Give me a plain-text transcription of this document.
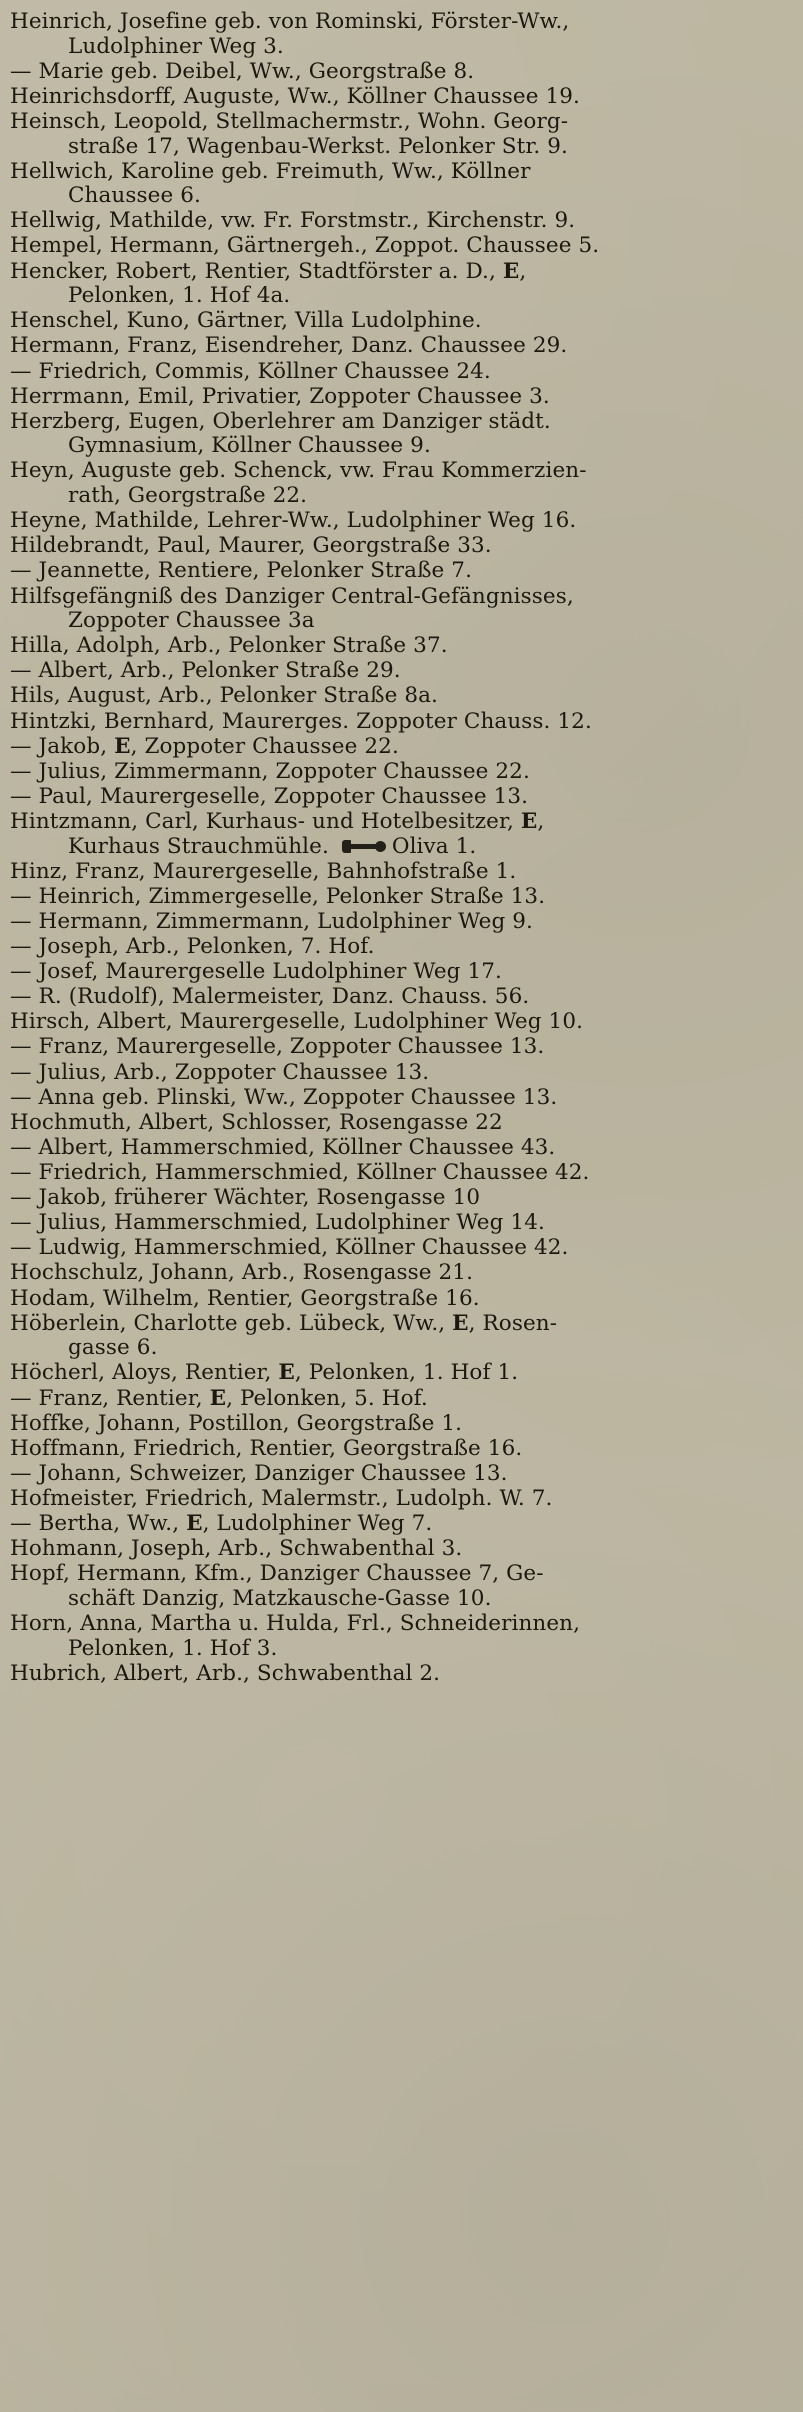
Heinrich, Josefine geb. von Rominski, Förster-Ww.,
Ludolphiner Weg 3.

— Marie geb. Deibel, Ww., Georgstraße 8.

Heinrichsdorff, Auguste, Ww., Köllner Chaussee 19.

Heinsch, Leopold, Stellmachermstr., Wohn. Georg-
straße 17, Wagenbau-Werkst. Pelonker Str. 9.

Hellwich, Karoline geb. Freimuth, Ww., Köllner
Chaussee 6.

Hellwig, Mathilde, vw. Fr. Forstmstr., Kirchenstr. 9.

Hempel, Hermann, Gärtnergeh., Zoppot. Chaussee 5.

Hencker, Robert, Rentier, Stadtförster a. D., E,
Pelonken, 1. Hof 4a.

Henschel, Kuno, Gärtner, Villa Ludolphine.

Hermann, Franz, Eisendreher, Danz. Chaussee 29.

— Friedrich, Commis, Köllner Chaussee 24.

Herrmann, Emil, Privatier, Zoppoter Chaussee 3.

Herzberg, Eugen, Oberlehrer am Danziger städt.
Gymnasium, Köllner Chaussee 9.

Heyn, Auguste geb. Schenck, vw. Frau Kommerzien-
rath, Georgstraße 22.

Heyne, Mathilde, Lehrer-Ww., Ludolphiner Weg 16.

Hildebrandt, Paul, Maurer, Georgstraße 33.

— Jeannette, Rentiere, Pelonker Straße 7.

Hilfsgefängniß des Danziger Central-Gefängnisses,
Zoppoter Chaussee 3a

Hilla, Adolph, Arb., Pelonker Straße 37.

— Albert, Arb., Pelonker Straße 29.

Hils, August, Arb., Pelonker Straße 8a.

Hintzki, Bernhard, Maurerges. Zoppoter Chauss. 12.

— Jakob, E, Zoppoter Chaussee 22.

— Julius, Zimmermann, Zoppoter Chaussee 22.

— Paul, Maurergeselle, Zoppoter Chaussee 13.

Hintzmann, Carl, Kurhaus- und Hotelbesitzer, E,
Kurhaus Strauchmühle.	Oliva 1.

Hinz, Franz, Maurergeselle, Bahnhofstraße 1.

— Heinrich, Zimmergeselle, Pelonker Straße 13.

— Hermann, Zimmermann, Ludolphiner Weg 9.

— Joseph, Arb., Pelonken, 7. Hof.

— Josef, Maurergeselle Ludolphiner Weg 17.

— R. (Rudolf), Malermeister, Danz. Chauss. 56.

Hirsch, Albert, Maurergeselle, Ludolphiner Weg 10.

— Franz, Maurergeselle, Zoppoter Chaussee 13.

— Julius, Arb., Zoppoter Chaussee 13.

— Anna geb. Plinski, Ww., Zoppoter Chaussee 13.

Hochmuth, Albert, Schlosser, Rosengasse 22

— Albert, Hammerschmied, Köllner Chaussee 43.

— Friedrich, Hammerschmied, Köllner Chaussee 42.

— Jakob, früherer Wächter, Rosengasse 10

— Julius, Hammerschmied, Ludolphiner Weg 14.

— Ludwig, Hammerschmied, Köllner Chaussee 42.

Hochschulz, Johann, Arb., Rosengasse 21.

Hodam, Wilhelm, Rentier, Georgstraße 16.

Höberlein, Charlotte geb. Lübeck, Ww., E, Rosen-
gasse 6.

Höcherl, Aloys, Rentier, E, Pelonken, 1. Hof 1.

— Franz, Rentier, E, Pelonken, 5. Hof.

Hoffke, Johann, Postillon, Georgstraße 1.

Hoffmann, Friedrich, Rentier, Georgstraße 16.

— Johann, Schweizer, Danziger Chaussee 13.

Hofmeister, Friedrich, Malermstr., Ludolph. W. 7.

— Bertha, Ww., E, Ludolphiner Weg 7.

Hohmann, Joseph, Arb., Schwabenthal 3.

Hopf, Hermann, Kfm., Danziger Chaussee 7, Ge-
schäft Danzig, Matzkausche-Gasse 10.

Horn, Anna, Martha u. Hulda, Frl., Schneiderinnen,
Pelonken, 1. Hof 3.

Hubrich, Albert, Arb., Schwabenthal 2.
